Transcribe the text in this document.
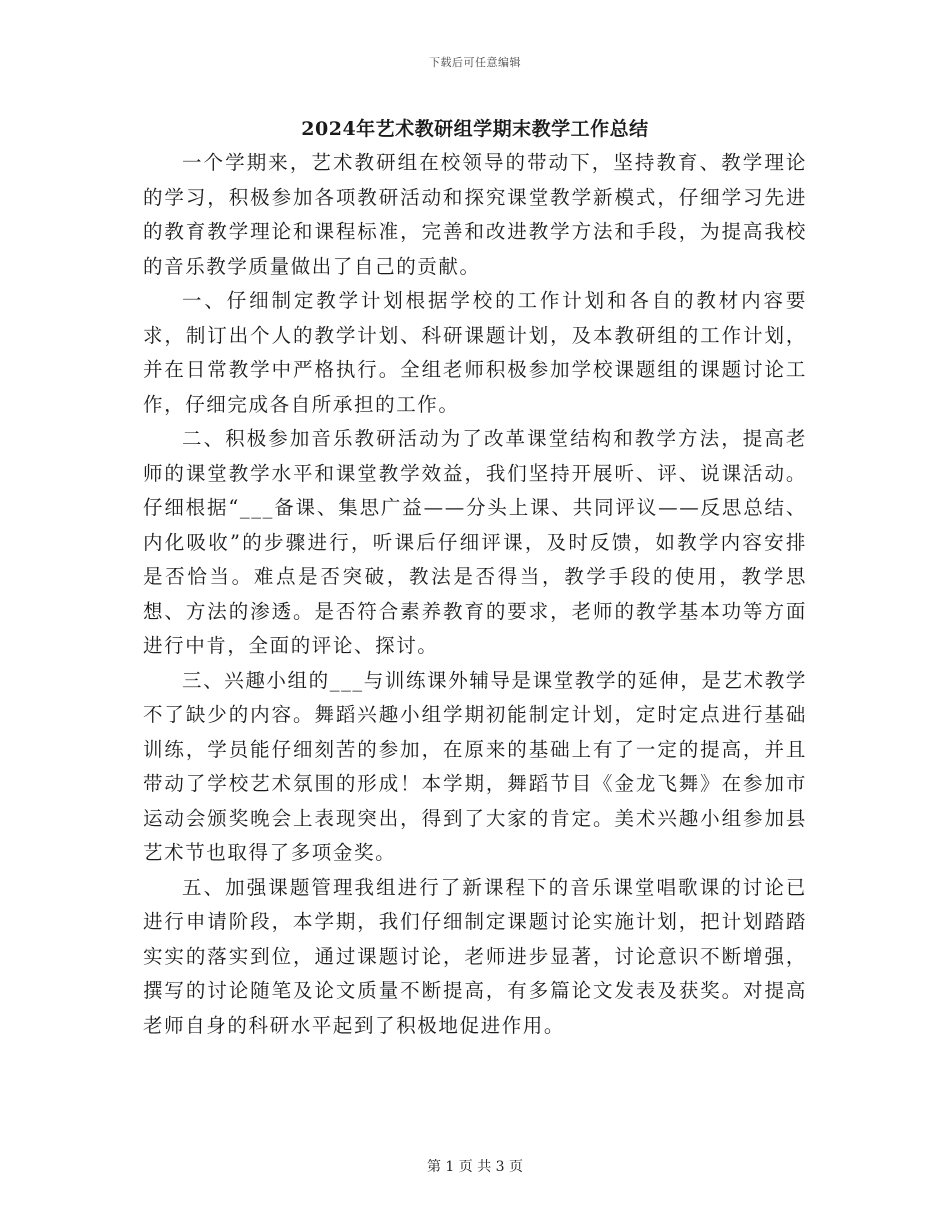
下载后可任意编辑
2024年艺术教研组学期末教学工作总结

一个学期来，艺术教研组在校领导的带动下，坚持教育、教学理论的学习，积极参加各项教研活动和探究课堂教学新模式，仔细学习先进的教育教学理论和课程标准，完善和改进教学方法和手段，为提高我校的音乐教学质量做出了自己的贡献。

一、仔细制定教学计划根据学校的工作计划和各自的教材内容要求，制订出个人的教学计划、科研课题计划，及本教研组的工作计划，并在日常教学中严格执行。全组老师积极参加学校课题组的课题讨论工作，仔细完成各自所承担的工作。

二、积极参加音乐教研活动为了改革课堂结构和教学方法，提高老师的课堂教学水平和课堂教学效益，我们坚持开展听、评、说课活动。仔细根据“___备课、集思广益——分头上课、共同评议——反思总结、内化吸收”的步骤进行，听课后仔细评课，及时反馈，如教学内容安排是否恰当。难点是否突破，教法是否得当，教学手段的使用，教学思想、方法的渗透。是否符合素养教育的要求，老师的教学基本功等方面进行中肯，全面的评论、探讨。

三、兴趣小组的___与训练课外辅导是课堂教学的延伸，是艺术教学不了缺少的内容。舞蹈兴趣小组学期初能制定计划，定时定点进行基础训练，学员能仔细刻苦的参加，在原来的基础上有了一定的提高，并且带动了学校艺术氛围的形成！本学期，舞蹈节目《金龙飞舞》在参加市运动会颁奖晚会上表现突出，得到了大家的肯定。美术兴趣小组参加县艺术节也取得了多项金奖。

五、加强课题管理我组进行了新课程下的音乐课堂唱歌课的讨论已进行申请阶段，本学期，我们仔细制定课题讨论实施计划，把计划踏踏实实的落实到位，通过课题讨论，老师进步显著，讨论意识不断增强，撰写的讨论随笔及论文质量不断提高，有多篇论文发表及获奖。对提高老师自身的科研水平起到了积极地促进作用。

第 1 页 共 3 页
